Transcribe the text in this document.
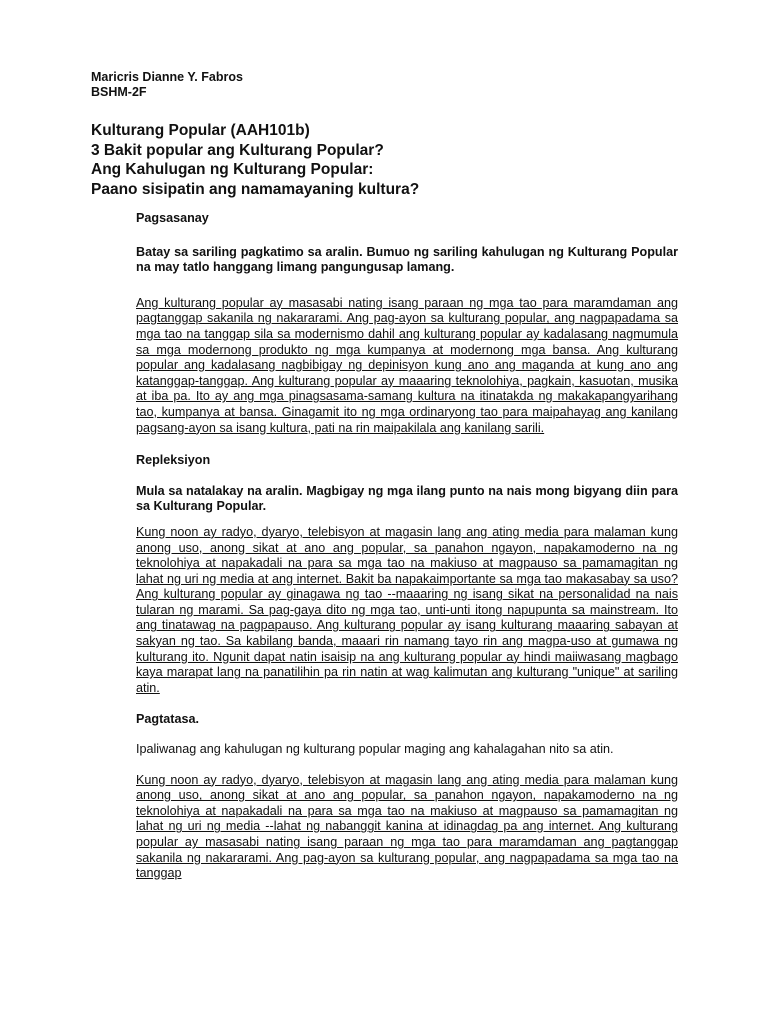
Maricris Dianne Y. Fabros
BSHM-2F
Kulturang Popular (AAH101b)
3 Bakit popular ang Kulturang Popular?
Ang Kahulugan ng Kulturang Popular:
Paano sisipatin ang namamayaning kultura?

Pagsasanay

Batay sa sariling pagkatimo sa aralin. Bumuo ng sariling kahulugan ng Kulturang Popular na may tatlo hanggang limang pangungusap lamang.

Ang kulturang popular ay masasabi nating isang paraan ng mga tao para maramdaman ang pagtanggap sakanila ng nakararami. Ang pag-ayon sa kulturang popular, ang nagpapadama sa mga tao na tanggap sila sa modernismo dahil ang kulturang popular ay kadalasang nagmumula sa mga modernong produkto ng mga kumpanya at modernong mga bansa. Ang kulturang popular ang kadalasang nagbibigay ng depinisyon kung ano ang maganda at kung ano ang katanggap-tanggap. Ang kulturang popular ay maaaring teknolohiya, pagkain, kasuotan, musika at iba pa. Ito ay ang mga pinagsasama-samang kultura na itinatakda ng makakapangyarihang tao, kumpanya at bansa. Ginagamit ito ng mga ordinaryong tao para maipahayag ang kanilang pagsang-ayon sa isang kultura, pati na rin maipakilala ang kanilang sarili.

Repleksiyon

Mula sa natalakay na aralin. Magbigay ng mga ilang punto na nais mong bigyang diin para sa Kulturang Popular.

Kung noon ay radyo, dyaryo, telebisyon at magasin lang ang ating media para malaman kung anong uso, anong sikat at ano ang popular, sa panahon ngayon, napakamoderno na ng teknolohiya at napakadali na para sa mga tao na makiuso at magpauso sa pamamagitan ng lahat ng uri ng media at ang internet. Bakit ba napakaimportante sa mga tao makasabay sa uso? Ang kulturang popular ay ginagawa ng tao --maaaring ng isang sikat na personalidad na nais tularan ng marami. Sa pag-gaya dito ng mga tao, unti-unti itong napupunta sa mainstream. Ito ang tinatawag na pagpapauso. Ang kulturang popular ay isang kulturang maaaring sabayan at sakyan ng tao. Sa kabilang banda, maaari rin namang tayo rin ang magpa-uso at gumawa ng kulturang ito. Ngunit dapat natin isaisip na ang kulturang popular ay hindi maiiwasang magbago kaya marapat lang na panatilihin pa rin natin at wag kalimutan ang kulturang "unique" at sariling atin.

Pagtatasa.

Ipaliwanag ang kahulugan ng kulturang popular maging ang kahalagahan nito sa atin.

Kung noon ay radyo, dyaryo, telebisyon at magasin lang ang ating media para malaman kung anong uso, anong sikat at ano ang popular, sa panahon ngayon, napakamoderno na ng teknolohiya at napakadali na para sa mga tao na makiuso at magpauso sa pamamagitan ng lahat ng uri ng media --lahat ng nabanggit kanina at idinagdag pa ang internet. Ang kulturang popular ay masasabi nating isang paraan ng mga tao para maramdaman ang pagtanggap sakanila ng nakararami. Ang pag-ayon sa kulturang popular, ang nagpapadama sa mga tao na tanggap
